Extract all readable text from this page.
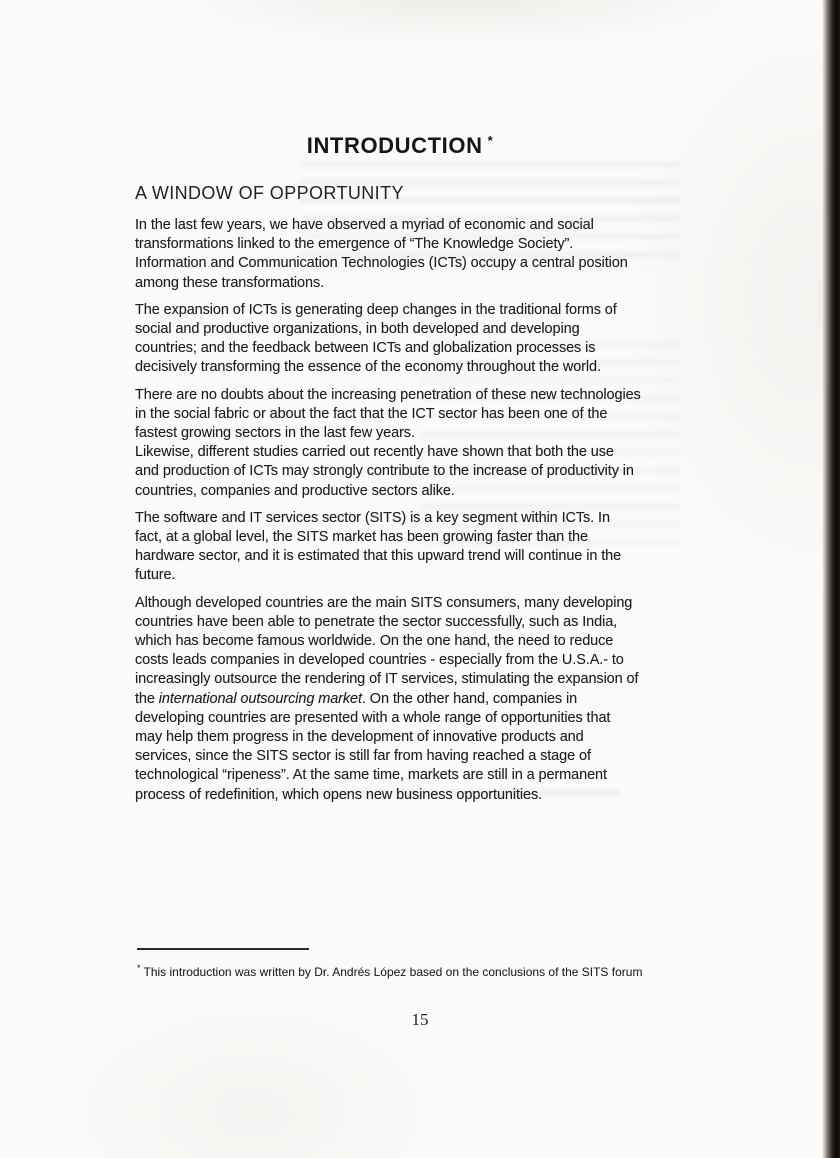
INTRODUCTION *
A WINDOW OF OPPORTUNITY
In the last few years, we have observed a myriad of economic and social
transformations linked to the emergence of “The Knowledge Society”.
Information and Communication Technologies (ICTs) occupy a central position
among these transformations.
The expansion of ICTs is generating deep changes in the traditional forms of
social and productive organizations, in both developed and developing
countries; and the feedback between ICTs and globalization processes is
decisively transforming the essence of the economy throughout the world.
There are no doubts about the increasing penetration of these new technologies
in the social fabric or about the fact that the ICT sector has been one of the
fastest growing sectors in the last few years.
Likewise, different studies carried out recently have shown that both the use
and production of ICTs may strongly contribute to the increase of productivity in
countries, companies and productive sectors alike.
The software and IT services sector (SITS) is a key segment within ICTs. In
fact, at a global level, the SITS market has been growing faster than the
hardware sector, and it is estimated that this upward trend will continue in the
future.
Although developed countries are the main SITS consumers, many developing
countries have been able to penetrate the sector successfully, such as India,
which has become famous worldwide. On the one hand, the need to reduce
costs leads companies in developed countries - especially from the U.S.A.- to
increasingly outsource the rendering of IT services, stimulating the expansion of
the international outsourcing market. On the other hand, companies in
developing countries are presented with a whole range of opportunities that
may help them progress in the development of innovative products and
services, since the SITS sector is still far from having reached a stage of
technological “ripeness”. At the same time, markets are still in a permanent
process of redefinition, which opens new business opportunities.
* This introduction was written by Dr. Andrés López based on the conclusions of the SITS forum
15
